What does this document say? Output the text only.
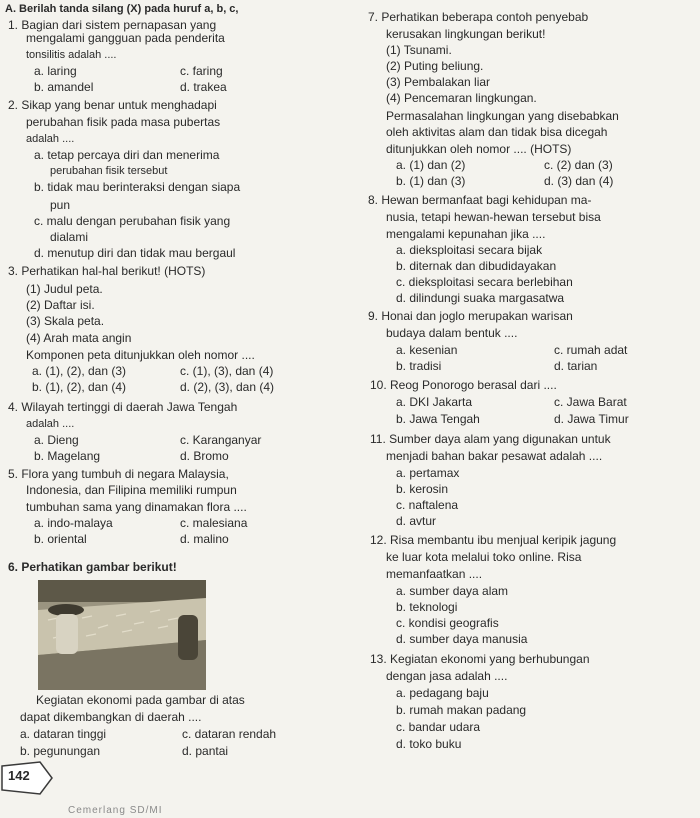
A. Berilah tanda silang (X) pada huruf a, b, c,
1. Bagian dari sistem pernapasan yang
mengalami gangguan pada penderita
tonsilitis adalah ....
a. laring	c. faring
b. amandel	d. trakea
2. Sikap yang benar untuk menghadapi
perubahan fisik pada masa pubertas
adalah ....
a. tetap percaya diri dan menerima
perubahan fisik tersebut
b. tidak mau berinteraksi dengan siapa
pun
c. malu dengan perubahan fisik yang
dialami
d. menutup diri dan tidak mau bergaul
3. Perhatikan hal-hal berikut! (HOTS)
(1) Judul peta.
(2) Daftar isi.
(3) Skala peta.
(4) Arah mata angin
Komponen peta ditunjukkan oleh nomor ....
a. (1), (2), dan (3)	c. (1), (3), dan (4)
b. (1), (2), dan (4)	d. (2), (3), dan (4)
4. Wilayah tertinggi di daerah Jawa Tengah
adalah ....
a. Dieng	c. Karanganyar
b. Magelang	d. Bromo
5. Flora yang tumbuh di negara Malaysia,
Indonesia, dan Filipina memiliki rumpun
tumbuhan sama yang dinamakan flora ....
a. indo-malaya	c. malesiana
b. oriental	d. malino
6. Perhatikan gambar berikut!
Kegiatan ekonomi pada gambar di atas
dapat dikembangkan di daerah ....
a. dataran tinggi	c. dataran rendah
b. pegunungan	d. pantai
7. Perhatikan beberapa contoh penyebab
kerusakan lingkungan berikut!
(1) Tsunami.
(2) Puting beliung.
(3) Pembalakan liar
(4) Pencemaran lingkungan.
Permasalahan lingkungan yang disebabkan
oleh aktivitas alam dan tidak bisa dicegah
ditunjukkan oleh nomor .... (HOTS)
a. (1) dan (2)	c. (2) dan (3)
b. (1) dan (3)	d. (3) dan (4)
8. Hewan bermanfaat bagi kehidupan ma-
nusia, tetapi hewan-hewan tersebut bisa
mengalami kepunahan jika ....
a. dieksploitasi secara bijak
b. diternak dan dibudidayakan
c. dieksploitasi secara berlebihan
d. dilindungi suaka margasatwa
9. Honai dan joglo merupakan warisan
budaya dalam bentuk ....
a. kesenian	c. rumah adat
b. tradisi	d. tarian
10. Reog Ponorogo berasal dari ....
a. DKI Jakarta	c. Jawa Barat
b. Jawa Tengah	d. Jawa Timur
11. Sumber daya alam yang digunakan untuk
menjadi bahan bakar pesawat adalah ....
a. pertamax
b. kerosin
c. naftalena
d. avtur
12. Risa membantu ibu menjual keripik jagung
ke luar kota melalui toko online. Risa
memanfaatkan ....
a. sumber daya alam
b. teknologi
c. kondisi geografis
d. sumber daya manusia
13. Kegiatan ekonomi yang berhubungan
dengan jasa adalah ....
a. pedagang baju
b. rumah makan padang
c. bandar udara
d. toko buku
142
Cemerlang SD/MI
